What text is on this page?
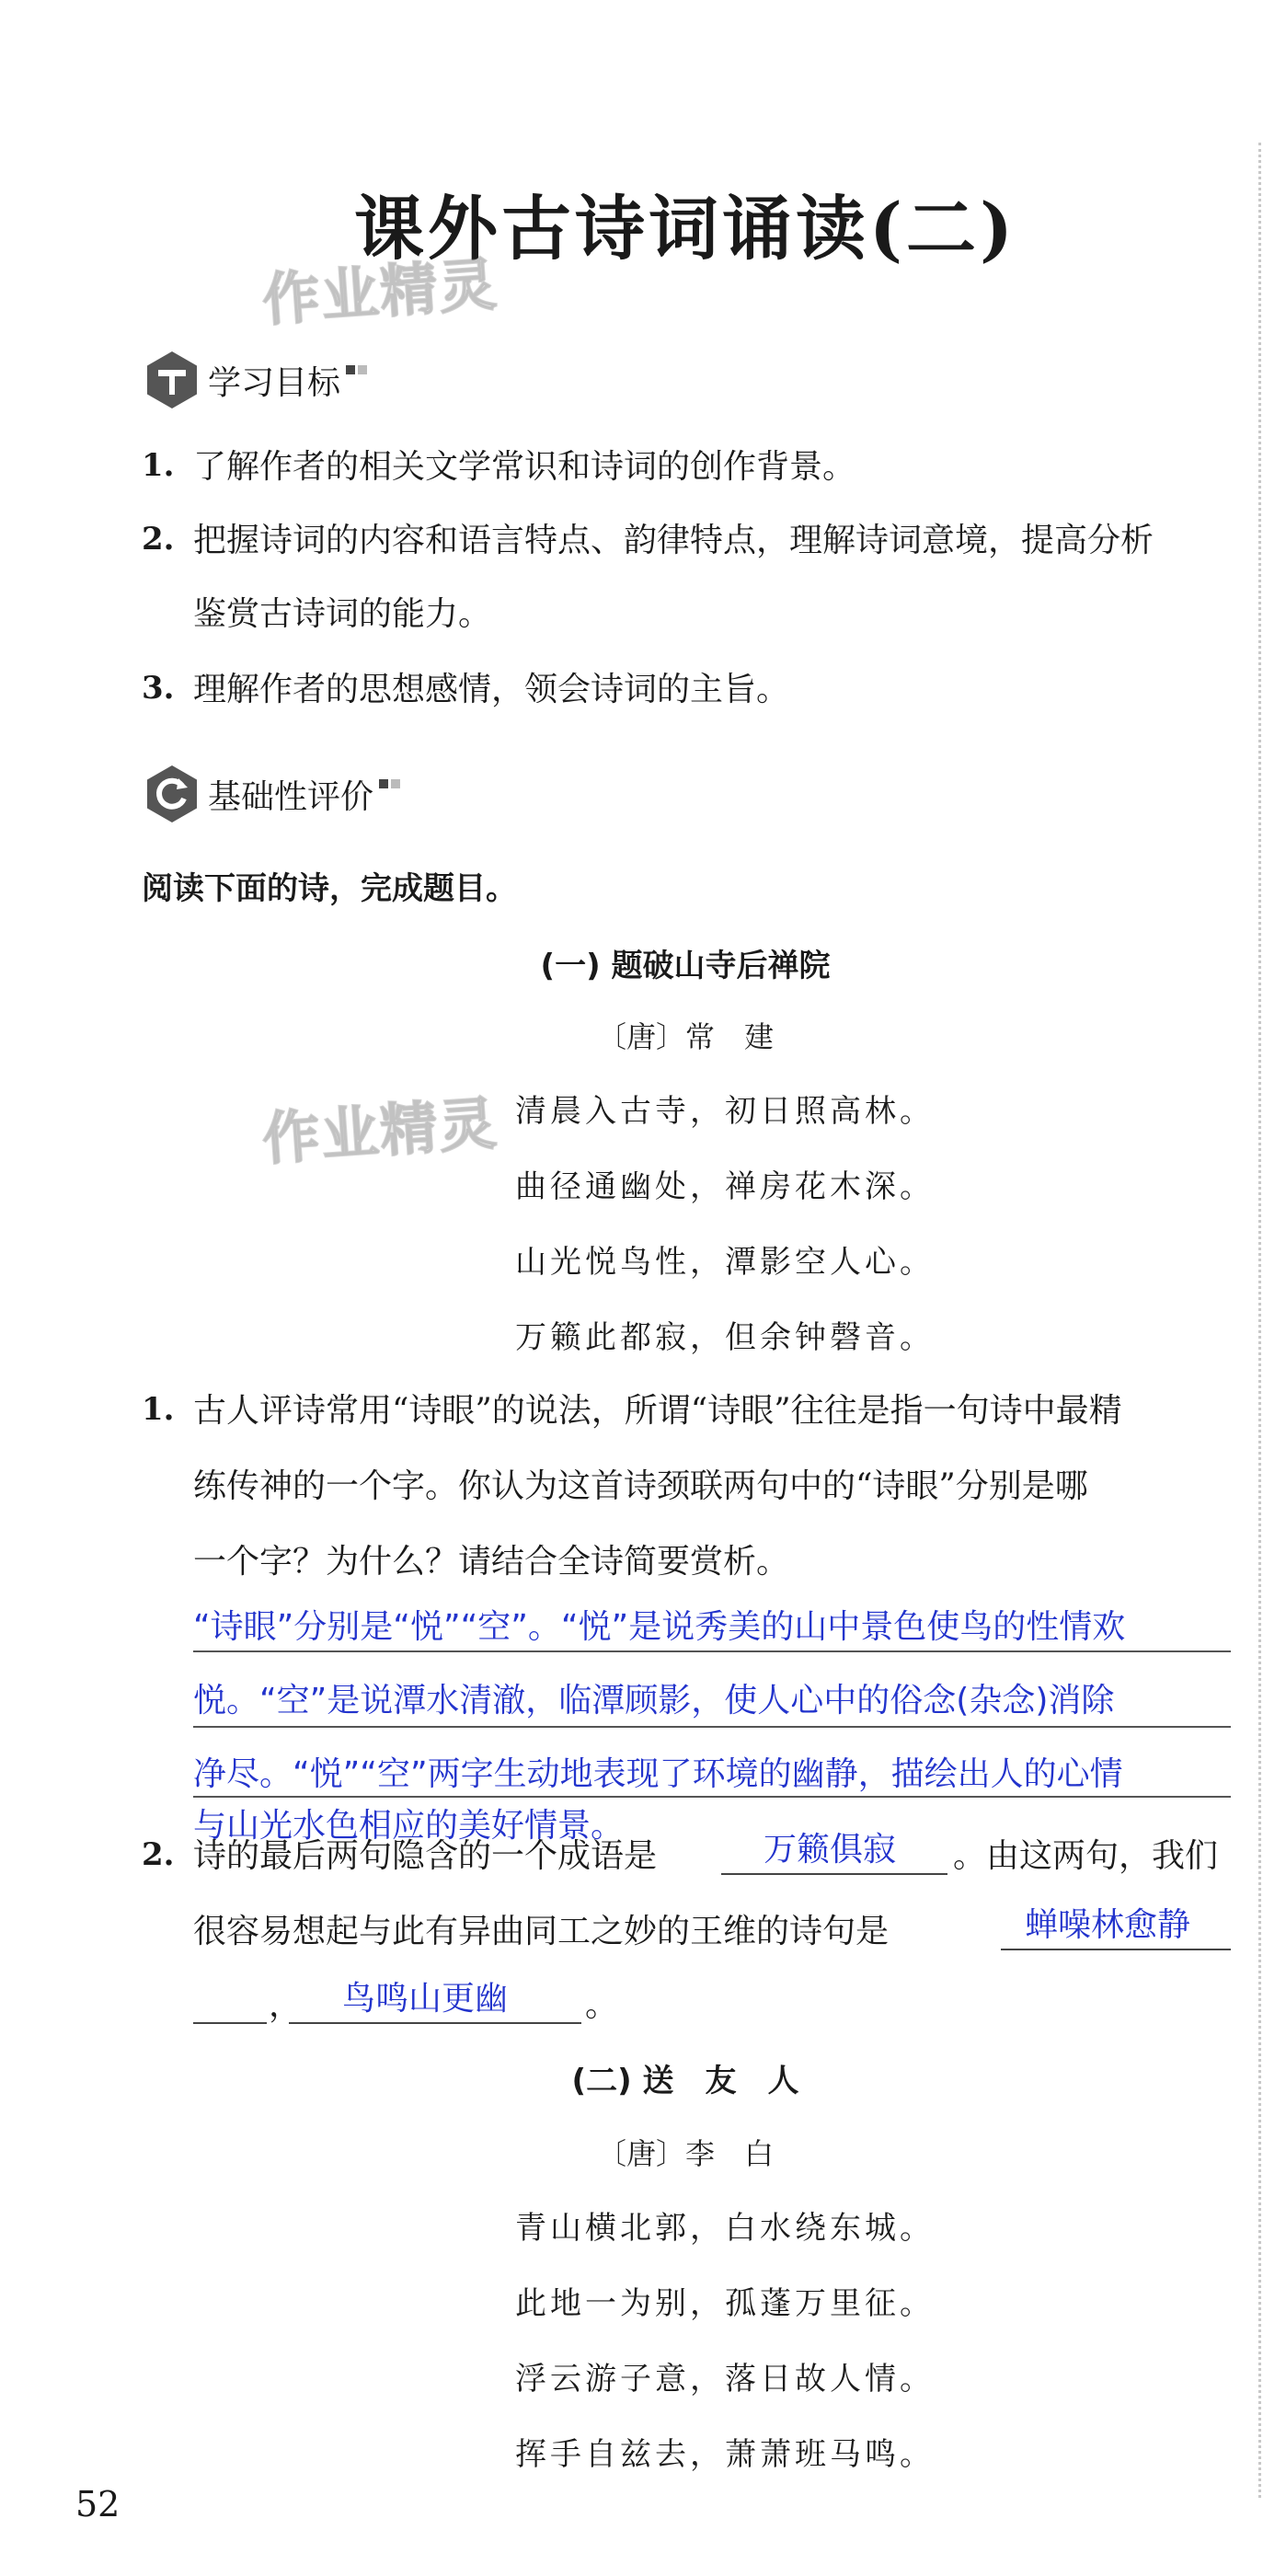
课外古诗词诵读(二)
作业精灵
作业精灵
学习目标
1. 了解作者的相关文学常识和诗词的创作背景。
2. 把握诗词的内容和语言特点、韵律特点，理解诗词意境，提高分析
鉴赏古诗词的能力。
3. 理解作者的思想感情，领会诗词的主旨。
基础性评价
阅读下面的诗，完成题目。
(一) 题破山寺后禅院
〔唐〕常　建
清晨入古寺，初日照高林。
曲径通幽处，禅房花木深。
山光悦鸟性，潭影空人心。
万籁此都寂，但余钟磬音。
1. 古人评诗常用“诗眼”的说法，所谓“诗眼”往往是指一句诗中最精
练传神的一个字。你认为这首诗颈联两句中的“诗眼”分别是哪
一个字？为什么？请结合全诗简要赏析。
“诗眼”分别是“悦”“空”。“悦”是说秀美的山中景色使鸟的性情欢
悦。“空”是说潭水清澈，临潭顾影，使人心中的俗念(杂念)消除
净尽。“悦”“空”两字生动地表现了环境的幽静，描绘出人的心情
与山光水色相应的美好情景。
2. 诗的最后两句隐含的一个成语是	万籁俱寂 。由这两句，我们
很容易想起与此有异曲同工之妙的王维的诗句是	蝉噪林愈静
， 鸟鸣山更幽 。
(二) 送　友　人
〔唐〕李　白
青山横北郭，白水绕东城。
此地一为别，孤蓬万里征。
浮云游子意，落日故人情。
挥手自兹去，萧萧班马鸣。
52
